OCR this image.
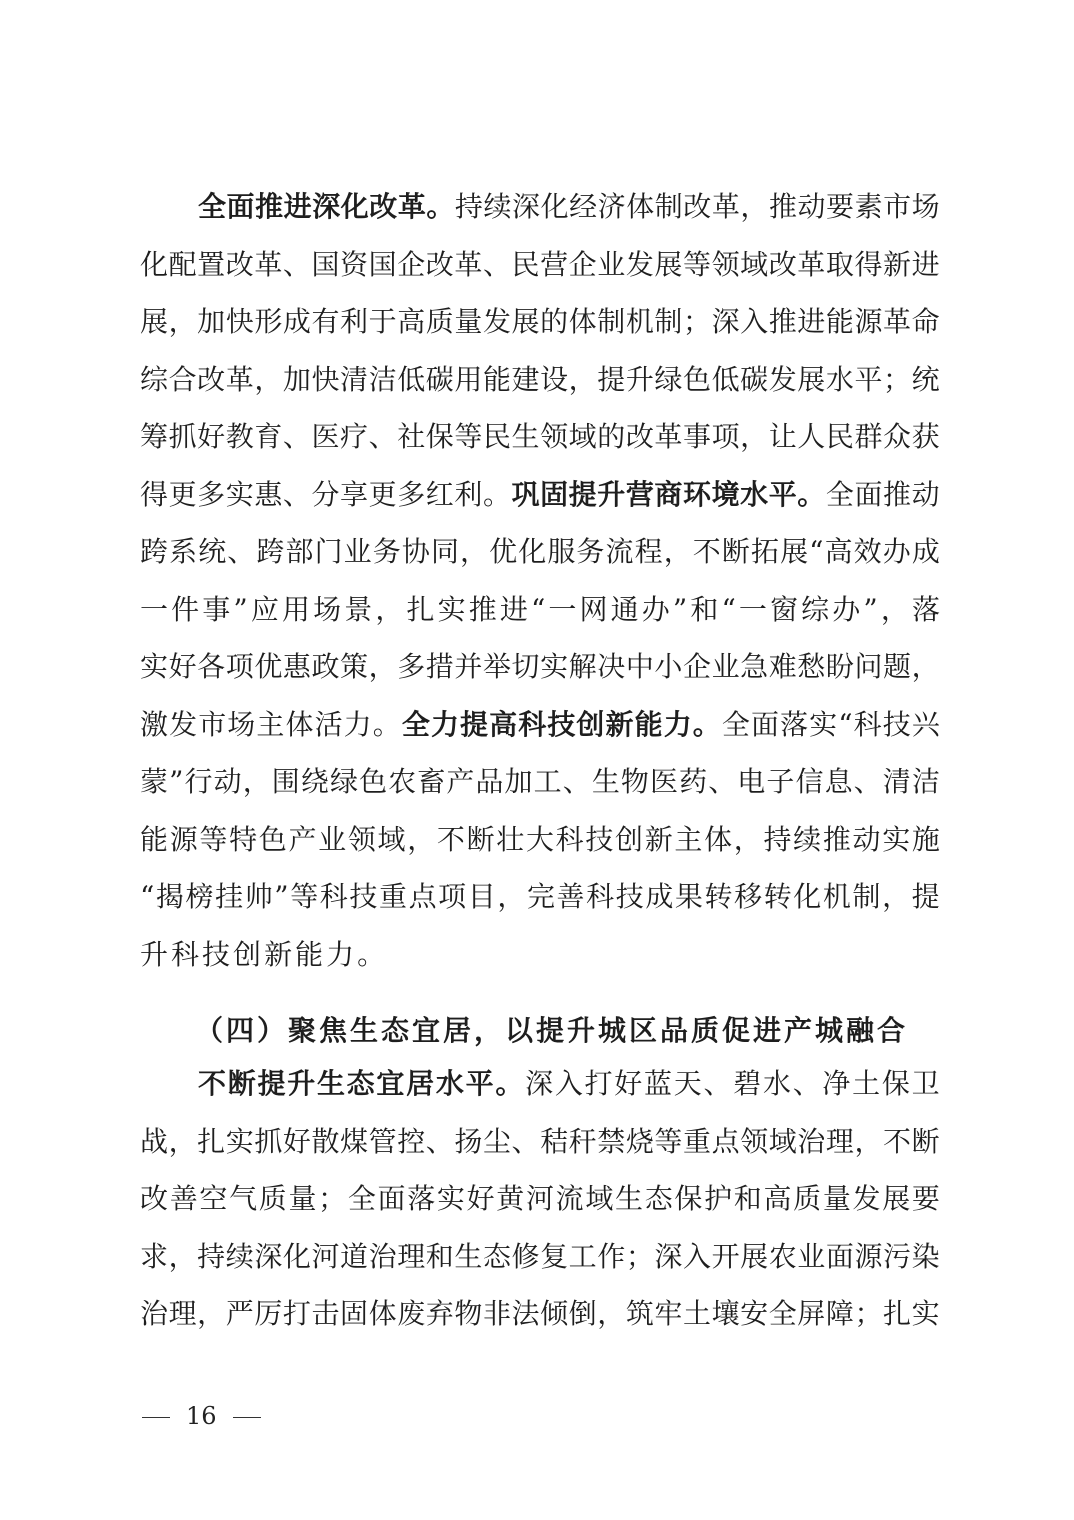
全 面 推 进 深 化 改 革 。 持 续 深 化 经 济 体 制 改 革 ， 推 动 要 素 市 场
化 配 置 改 革 、 国 资 国 企 改 革 、 民 营 企 业 发 展 等 领 域 改 革 取 得 新 进
展 ， 加 快 形 成 有 利 于 高 质 量 发 展 的 体 制 机 制 ； 深 入 推 进 能 源 革 命
综 合 改 革 ， 加 快 清 洁 低 碳 用 能 建 设 ， 提 升 绿 色 低 碳 发 展 水 平 ； 统
筹 抓 好 教 育 、 医 疗 、 社 保 等 民 生 领 域 的 改 革 事 项 ， 让 人 民 群 众 获
得 更 多 实 惠 、 分 享 更 多 红 利 。 巩 固 提 升 营 商 环 境 水 平 。 全 面 推 动
跨 系 统 、 跨 部 门 业 务 协 同 ， 优 化 服 务 流 程 ， 不 断 拓 展 “ 高 效 办 成
一 件 事 ” 应 用 场 景 ， 扎 实 推 进 “ 一 网 通 办 ” 和 “ 一 窗 综 办 ” ， 落
实 好 各 项 优 惠 政 策 ， 多 措 并 举 切 实 解 决 中 小 企 业 急 难 愁 盼 问 题 ，
激 发 市 场 主 体 活 力 。 全 力 提 高 科 技 创 新 能 力 。 全 面 落 实 “ 科 技 兴
蒙 ” 行 动 ， 围 绕 绿 色 农 畜 产 品 加 工 、 生 物 医 药 、 电 子 信 息 、 清 洁
能 源 等 特 色 产 业 领 域 ， 不 断 壮 大 科 技 创 新 主 体 ， 持 续 推 动 实 施
“ 揭 榜 挂 帅 ” 等 科 技 重 点 项 目 ， 完 善 科 技 成 果 转 移 转 化 机 制 ， 提
升 科 技 创 新 能 力 。
（四）聚焦生态宜居，以提升城区品质促进产城融合
不 断 提 升 生 态 宜 居 水 平 。 深 入 打 好 蓝 天 、 碧 水 、 净 土 保 卫
战 ， 扎 实 抓 好 散 煤 管 控 、 扬 尘 、 秸 秆 禁 烧 等 重 点 领 域 治 理 ， 不 断
改 善 空 气 质 量 ； 全 面 落 实 好 黄 河 流 域 生 态 保 护 和 高 质 量 发 展 要
求 ， 持 续 深 化 河 道 治 理 和 生 态 修 复 工 作 ； 深 入 开 展 农 业 面 源 污 染
治 理 ， 严 厉 打 击 固 体 废 弃 物 非 法 倾 倒 ， 筑 牢 土 壤 安 全 屏 障 ； 扎 实
16
